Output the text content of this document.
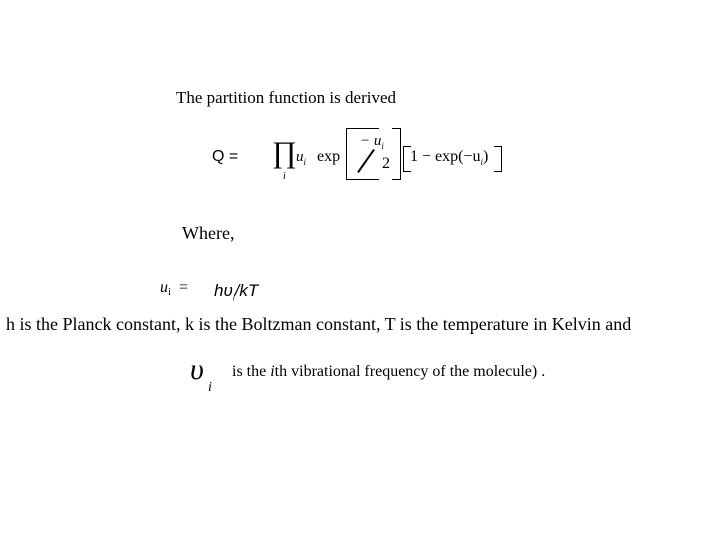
The partition function is derived
Q = ∏
i
$u_i$ exp
− $u_i$
2 $1 - \exp(-u_i)$
Where,
$u_i = h\upsilon_i/kT$
h is the Planck constant, k is the Boltzman constant, T is the temperature in Kelvin and
υ
i
is the ith vibrational frequency of the molecule) .
